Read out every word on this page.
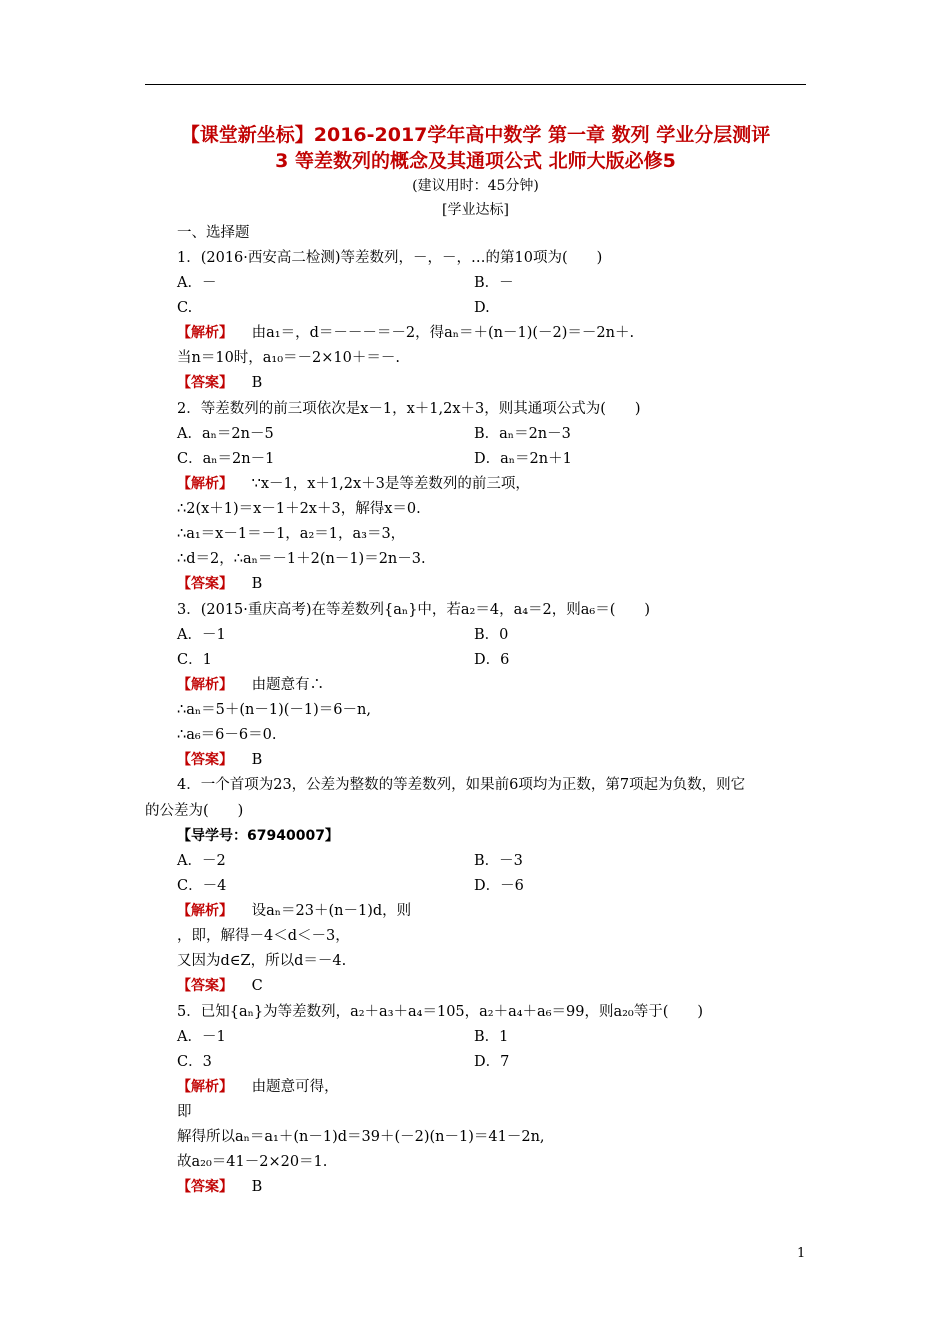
【课堂新坐标】2016-2017学年高中数学 第一章 数列 学业分层测评
3 等差数列的概念及其通项公式 北师大版必修5
(建议用时：45分钟)
[学业达标]
一、选择题
1．(2016·西安高二检测)等差数列，－，－，…的第10项为(　　)
A．－	B．－
C.	D.
【解析】 由a₁＝，d＝－－－＝－2，得aₙ＝＋(n－1)(－2)＝－2n＋.
当n＝10时，a₁₀＝－2×10＋＝－.
【答案】 B
2．等差数列的前三项依次是x－1，x＋1,2x＋3，则其通项公式为(　　)
A．aₙ＝2n－5	B．aₙ＝2n－3
C．aₙ＝2n－1	D．aₙ＝2n＋1
【解析】 ∵x－1，x＋1,2x＋3是等差数列的前三项，
∴2(x＋1)＝x－1＋2x＋3，解得x＝0.
∴a₁＝x－1＝－1，a₂＝1，a₃＝3，
∴d＝2，∴aₙ＝－1＋2(n－1)＝2n－3.
【答案】 B
3．(2015·重庆高考)在等差数列{aₙ}中，若a₂＝4，a₄＝2，则a₆＝(　　)
A．－1	B．0
C．1	D．6
【解析】 由题意有∴
∴aₙ＝5＋(n－1)(－1)＝6－n,
∴a₆＝6－6＝0.
【答案】 B
4．一个首项为23，公差为整数的等差数列，如果前6项均为正数，第7项起为负数，则它
的公差为(　　)
【导学号：67940007】
A．－2	B．－3
C．－4	D．－6
【解析】 设aₙ＝23＋(n－1)d，则
，即，解得－4＜d＜－3，
又因为d∈Z，所以d＝－4.
【答案】 C
5．已知{aₙ}为等差数列，a₂＋a₃＋a₄＝105，a₂＋a₄＋a₆＝99，则a₂₀等于(　　)
A．－1	B．1
C．3	D．7
【解析】 由题意可得，
即
解得所以aₙ＝a₁＋(n－1)d＝39＋(－2)(n－1)＝41－2n,
故a₂₀＝41－2×20＝1.
【答案】 B
1
